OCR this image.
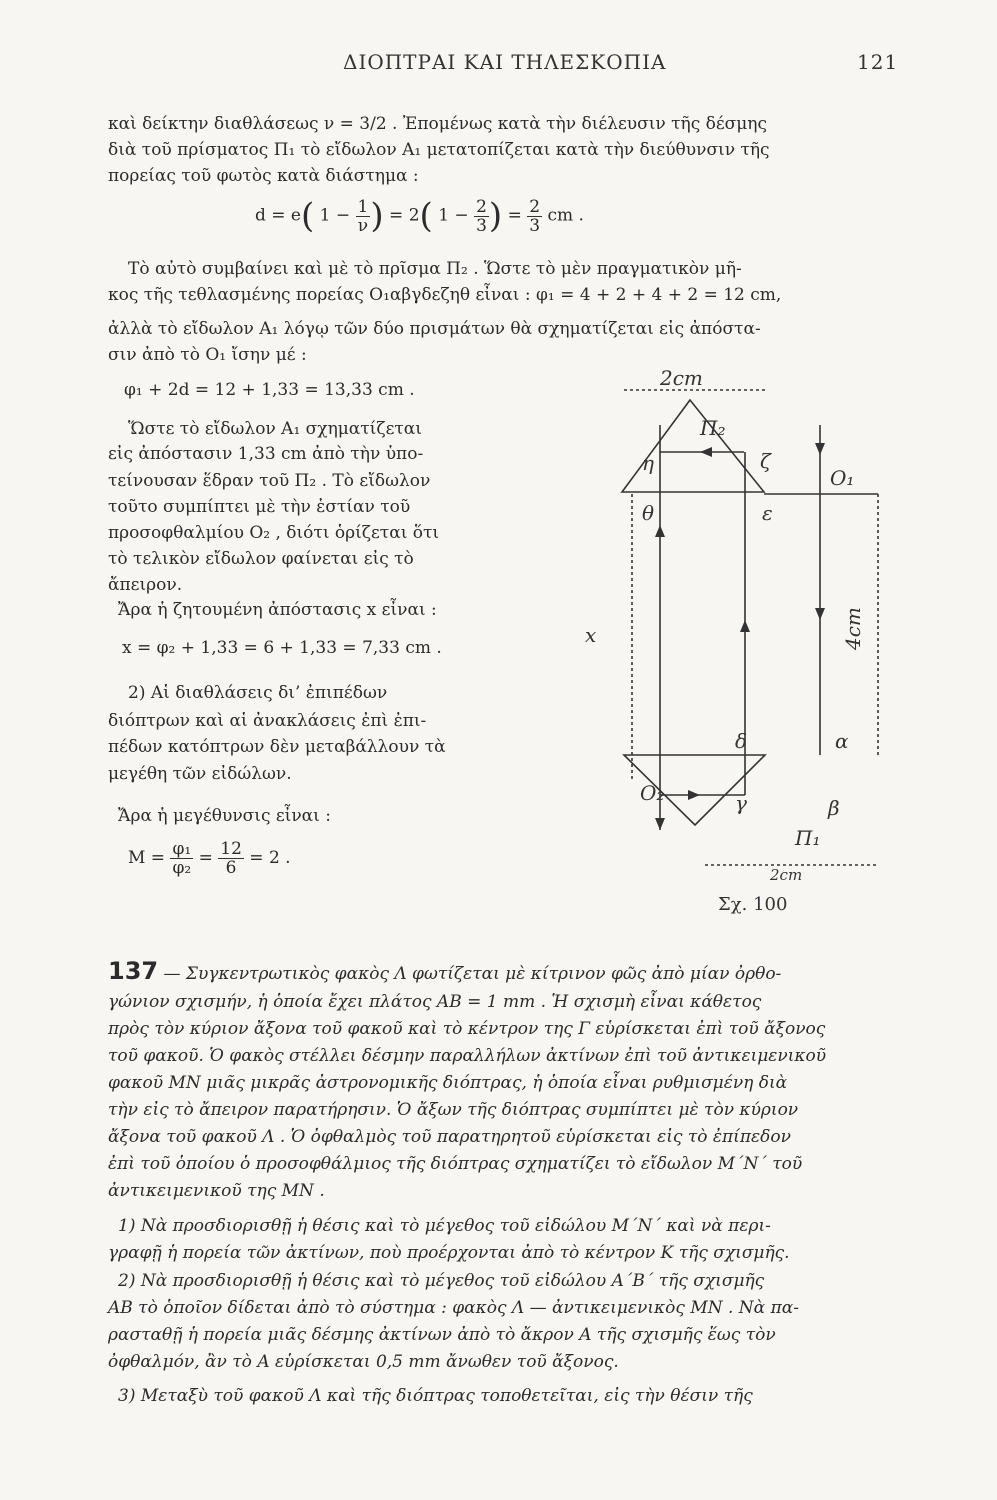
ΔΙΟΠΤΡΑΙ ΚΑΙ ΤΗΛΕΣΚΟΠΙΑ	121
καὶ δείκτην διαθλάσεως ν = 3/2 . Ἐπομένως κατὰ τὴν διέλευσιν τῆς δέσμης
διὰ τοῦ πρίσματος Π₁ τὸ εἴδωλον Α₁ μετατοπίζεται κατὰ τὴν διεύθυνσιν τῆς
πορείας τοῦ φωτὸς κατὰ διάστημα :
d = e( $1 - \frac{1}{\nu}$ ) = 2( $1 - \frac{2}{3}$ ) = $\frac{2}{3}$ cm .
Τὸ αὐτὸ συμβαίνει καὶ μὲ τὸ πρῖσμα Π₂ . Ὥστε τὸ μὲν πραγματικὸν μῆ-
κος τῆς τεθλασμένης πορείας Ο₁αβγδεζηθ εἶναι : φ₁ = 4 + 2 + 4 + 2 = 12 cm,
ἀλλὰ τὸ εἴδωλον Α₁ λόγῳ τῶν δύο πρισμάτων θὰ σχηματίζεται εἰς ἀπόστα-
σιν ἀπὸ τὸ Ο₁ ἴσην μέ :
φ₁ + 2d = 12 + 1,33 = 13,33 cm .
Ὥστε τὸ εἴδωλον Α₁ σχηματίζεται
εἰς ἀπόστασιν 1,33 cm ἀπὸ τὴν ὑπο-
τείνουσαν ἕδραν τοῦ Π₂ . Τὸ εἴδωλον
τοῦτο συμπίπτει μὲ τὴν ἑστίαν τοῦ
προσοφθαλμίου Ο₂ , διότι ὁρίζεται ὅτι
τὸ τελικὸν εἴδωλον φαίνεται εἰς τὸ
ἄπειρον.
Ἄρα ἡ ζητουμένη ἀπόστασις x εἶναι :
x = φ₂ + 1,33 = 6 + 1,33 = 7,33 cm .
2) Αἱ διαθλάσεις δι’ ἐπιπέδων
διόπτρων καὶ αἱ ἀνακλάσεις ἐπὶ ἐπι-
πέδων κατόπτρων δὲν μεταβάλλουν τὰ
μεγέθη τῶν εἰδώλων.
Ἄρα ἡ μεγέθυνσις εἶναι :
$M = \frac{\text{φ₁}}{\text{φ₂}} = \frac{12}{6} = 2$ .
2cm
Π₂
η	ζ
θ	ε
O₁
x	4cm
δ	α
O₂	γ	β
Π₁
2cm
Σχ. 100
137 — Συγκεντρωτικὸς φακὸς Λ φωτίζεται μὲ κίτρινον φῶς ἀπὸ μίαν ὀρθο-
γώνιον σχισμήν, ἡ ὁποία ἔχει πλάτος ΑΒ = 1 mm . Ἡ σχισμὴ εἶναι κάθετος
πρὸς τὸν κύριον ἄξονα τοῦ φακοῦ καὶ τὸ κέντρον της Γ εὑρίσκεται ἐπὶ τοῦ ἄξονος
τοῦ φακοῦ. Ὁ φακὸς στέλλει δέσμην παραλλήλων ἀκτίνων ἐπὶ τοῦ ἀντικειμενικοῦ
φακοῦ ΜΝ μιᾶς μικρᾶς ἀστρονομικῆς διόπτρας, ἡ ὁποία εἶναι ρυθμισμένη διὰ
τὴν εἰς τὸ ἄπειρον παρατήρησιν. Ὁ ἄξων τῆς διόπτρας συμπίπτει μὲ τὸν κύριον
ἄξονα τοῦ φακοῦ Λ . Ὁ ὀφθαλμὸς τοῦ παρατηρητοῦ εὑρίσκεται εἰς τὸ ἐπίπεδον
ἐπὶ τοῦ ὁποίου ὁ προσοφθάλμιος τῆς διόπτρας σχηματίζει τὸ εἴδωλον Μ΄Ν΄ τοῦ
ἀντικειμενικοῦ της ΜΝ .
1) Νὰ προσδιορισθῇ ἡ θέσις καὶ τὸ μέγεθος τοῦ εἰδώλου Μ΄Ν΄ καὶ νὰ περι-
γραφῇ ἡ πορεία τῶν ἀκτίνων, ποὺ προέρχονται ἀπὸ τὸ κέντρον Κ τῆς σχισμῆς.
2) Νὰ προσδιορισθῇ ἡ θέσις καὶ τὸ μέγεθος τοῦ εἰδώλου Α΄Β΄ τῆς σχισμῆς
ΑΒ τὸ ὁποῖον δίδεται ἀπὸ τὸ σύστημα : φακὸς Λ — ἀντικειμενικὸς ΜΝ . Νὰ πα-
ρασταθῇ ἡ πορεία μιᾶς δέσμης ἀκτίνων ἀπὸ τὸ ἄκρον Α τῆς σχισμῆς ἕως τὸν
ὀφθαλμόν, ἂν τὸ Α εὑρίσκεται 0,5 mm ἄνωθεν τοῦ ἄξονος.
3) Μεταξὺ τοῦ φακοῦ Λ καὶ τῆς διόπτρας τοποθετεῖται, εἰς τὴν θέσιν τῆς
